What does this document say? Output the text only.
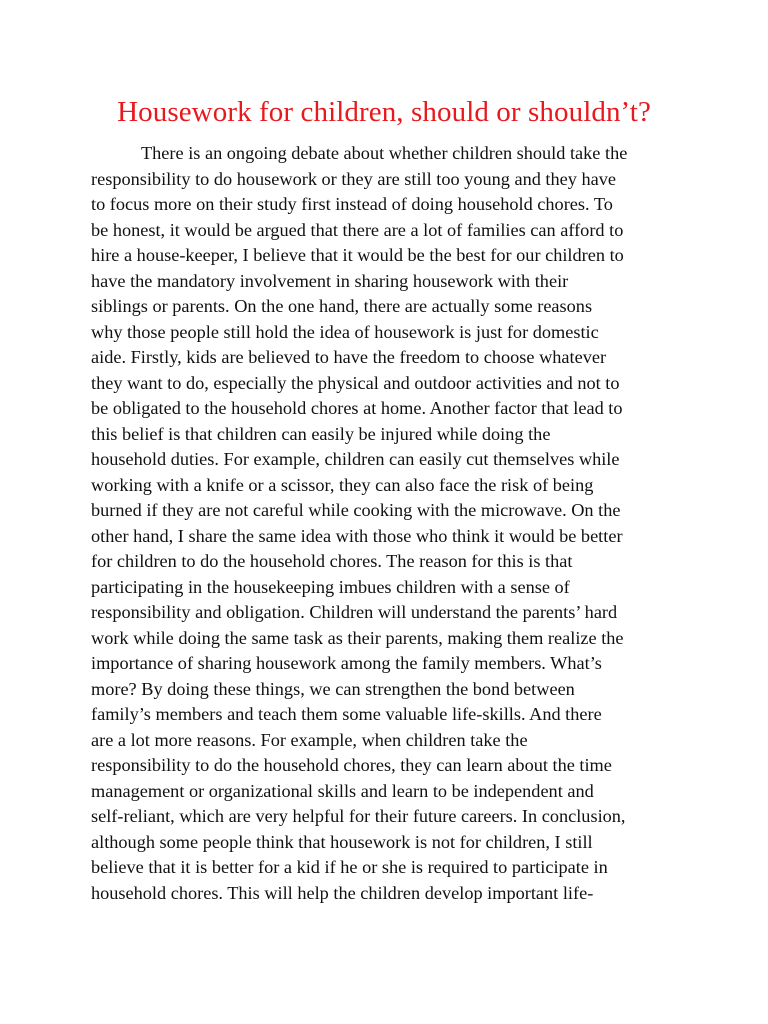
Housework for children, should or shouldn’t?
There is an ongoing debate about whether children should take the
responsibility to do housework or they are still too young and they have
to focus more on their study first instead of doing household chores. To
be honest, it would be argued that there are a lot of families can afford to
hire a house-keeper, I believe that it would be the best for our children to
have the mandatory involvement in sharing housework with their
siblings or parents. On the one hand, there are actually some reasons
why those people still hold the idea of housework is just for domestic
aide. Firstly, kids are believed to have the freedom to choose whatever
they want to do, especially the physical and outdoor activities and not to
be obligated to the household chores at home. Another factor that lead to
this belief is that children can easily be injured while doing the
household duties. For example, children can easily cut themselves while
working with a knife or a scissor, they can also face the risk of being
burned if they are not careful while cooking with the microwave. On the
other hand, I share the same idea with those who think it would be better
for children to do the household chores. The reason for this is that
participating in the housekeeping imbues children with a sense of
responsibility and obligation. Children will understand the parents’ hard
work while doing the same task as their parents, making them realize the
importance of sharing housework among the family members. What’s
more? By doing these things, we can strengthen the bond between
family’s members and teach them some valuable life-skills. And there
are a lot more reasons. For example, when children take the
responsibility to do the household chores, they can learn about the time
management or organizational skills and learn to be independent and
self-reliant, which are very helpful for their future careers. In conclusion,
although some people think that housework is not for children, I still
believe that it is better for a kid if he or she is required to participate in
household chores. This will help the children develop important life-
